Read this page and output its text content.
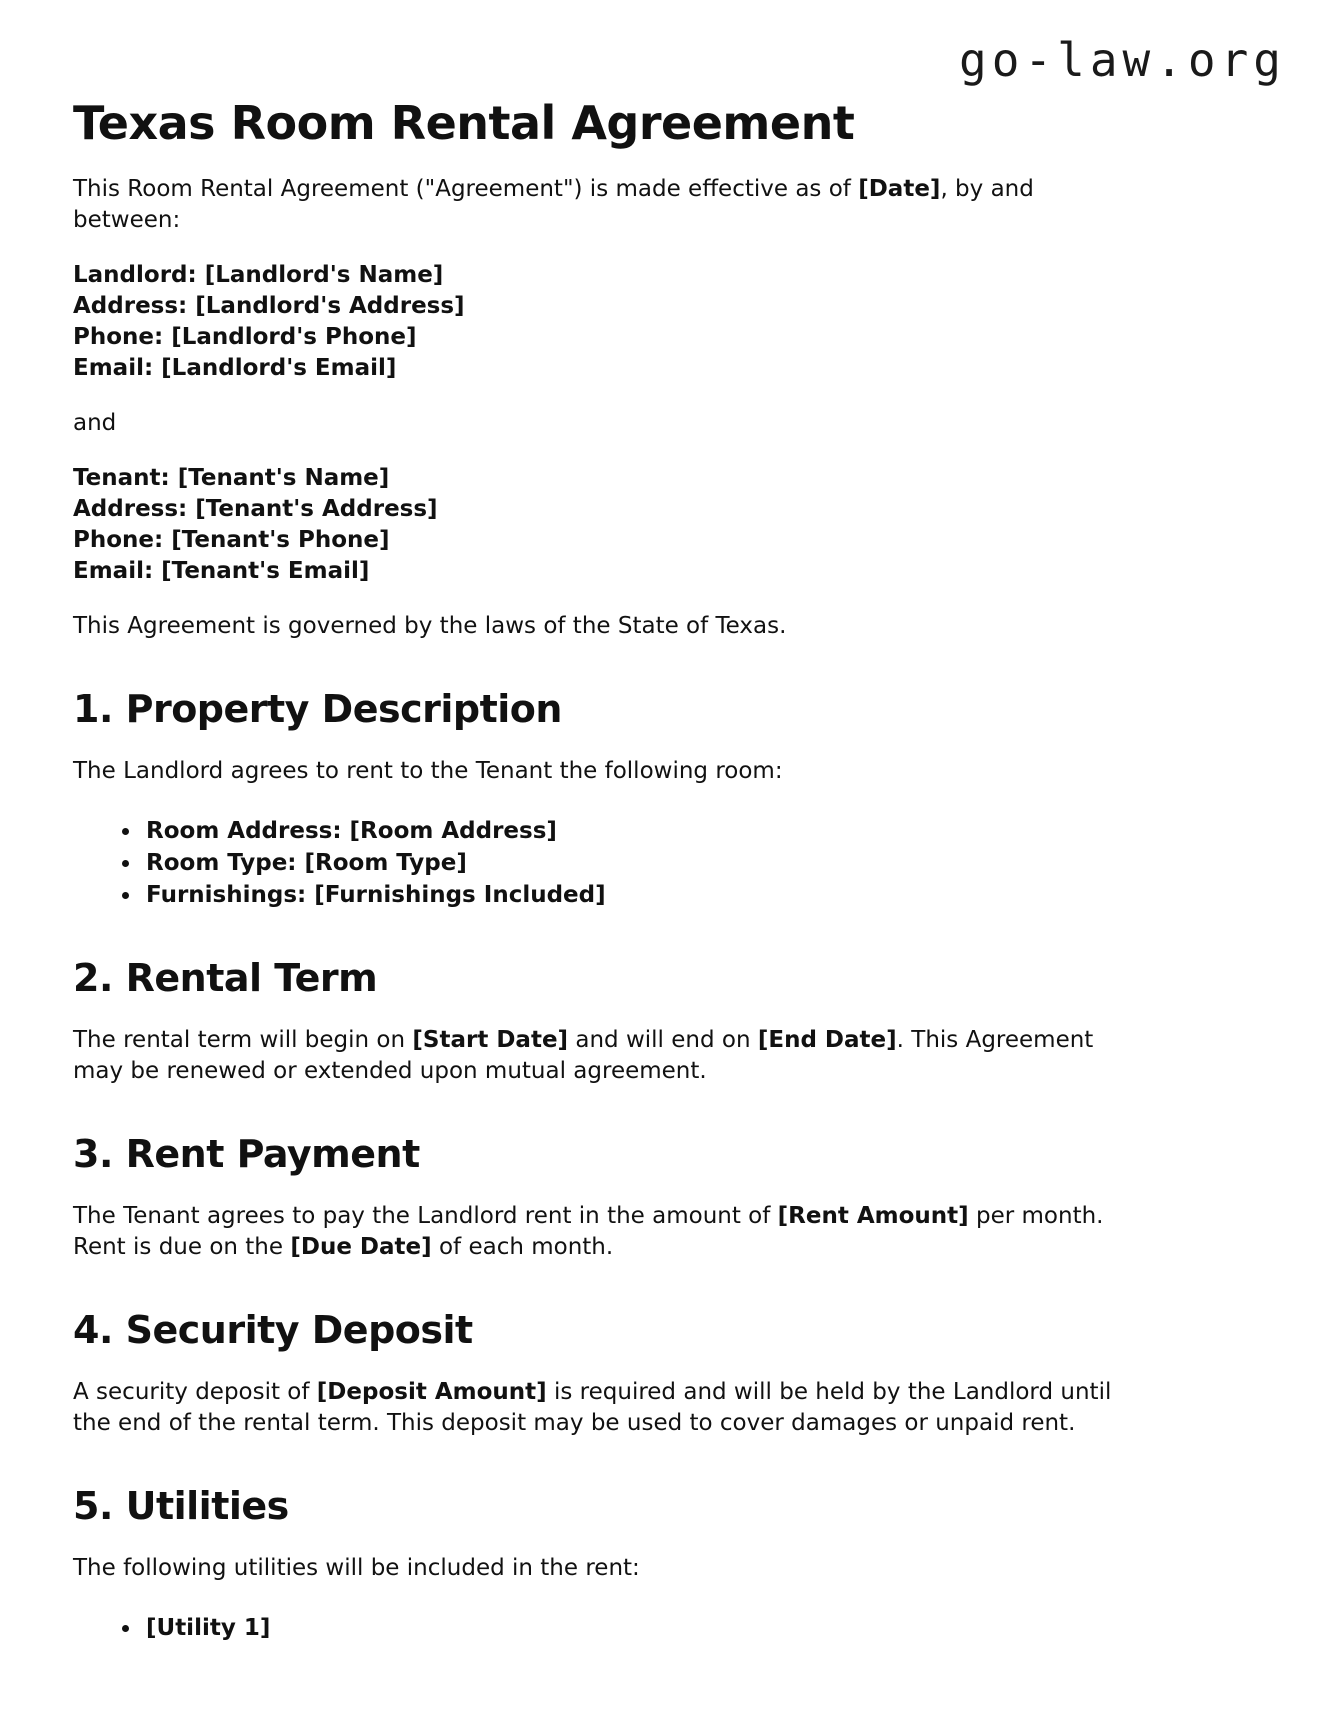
go-law.org
Texas Room Rental Agreement

This Room Rental Agreement ("Agreement") is made effective as of [Date], by and
between:

Landlord: [Landlord's Name]
Address: [Landlord's Address]
Phone: [Landlord's Phone]
Email: [Landlord's Email]

and

Tenant: [Tenant's Name]
Address: [Tenant's Address]
Phone: [Tenant's Phone]
Email: [Tenant's Email]

This Agreement is governed by the laws of the State of Texas.

1. Property Description

The Landlord agrees to rent to the Tenant the following room:

• Room Address: [Room Address]
• Room Type: [Room Type]
• Furnishings: [Furnishings Included]
2. Rental Term

The rental term will begin on [Start Date] and will end on [End Date]. This Agreement
may be renewed or extended upon mutual agreement.

3. Rent Payment

The Tenant agrees to pay the Landlord rent in the amount of [Rent Amount] per month.
Rent is due on the [Due Date] of each month.

4. Security Deposit

A security deposit of [Deposit Amount] is required and will be held by the Landlord until
the end of the rental term. This deposit may be used to cover damages or unpaid rent.

5. Utilities

The following utilities will be included in the rent:

• [Utility 1]
